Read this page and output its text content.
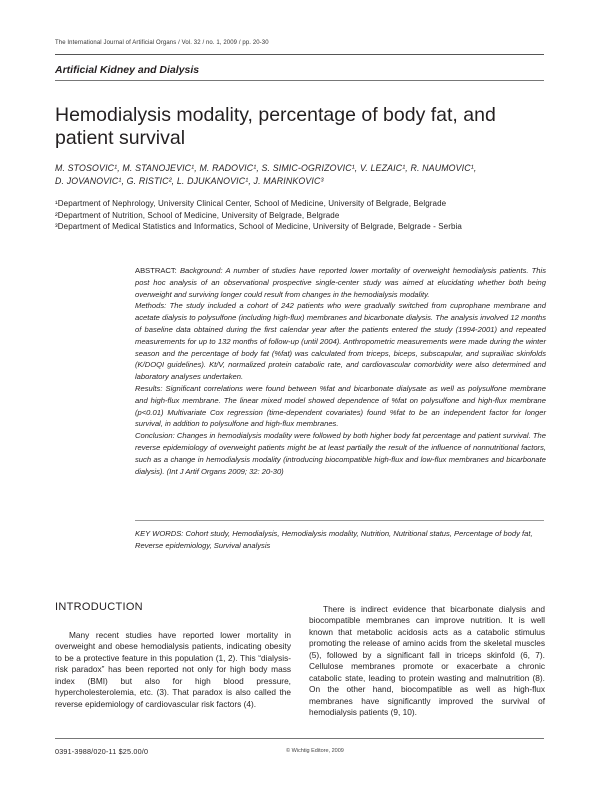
The International Journal of Artificial Organs / Vol. 32 / no. 1, 2009 / pp. 20-30
Artificial Kidney and Dialysis
Hemodialysis modality, percentage of body fat, and patient survival
M. STOSOVIC¹, M. STANOJEVIC¹, M. RADOVIC¹, S. SIMIC-OGRIZOVIC¹, V. LEZAIC¹, R. NAUMOVIC¹,
D. JOVANOVIC¹, G. RISTIC², L. DJUKANOVIC¹, J. MARINKOVIC³
¹Department of Nephrology, University Clinical Center, School of Medicine, University of Belgrade, Belgrade
²Department of Nutrition, School of Medicine, University of Belgrade, Belgrade
³Department of Medical Statistics and Informatics, School of Medicine, University of Belgrade, Belgrade - Serbia

ABSTRACT: Background: A number of studies have reported lower mortality of overweight hemodialysis patients. This post hoc analysis of an observational prospective single-center study was aimed at elucidating whether both being overweight and surviving longer could result from changes in the hemodialysis modality.

Methods: The study included a cohort of 242 patients who were gradually switched from cuprophane membrane and acetate dialysis to polysulfone (including high-flux) membranes and bicarbonate dialysis. The analysis involved 12 months of baseline data obtained during the first calendar year after the patients entered the study (1994-2001) and repeated measurements for up to 132 months of follow-up (until 2004). Anthropometric measurements were made during the winter season and the percentage of body fat (%fat) was calculated from triceps, biceps, subscapular, and suprailiac skinfolds (K/DOQI guidelines). Kt/V, normalized protein catabolic rate, and cardiovascular comorbidity were also determined and laboratory analyses undertaken.

Results: Significant correlations were found between %fat and bicarbonate dialysate as well as polysulfone membrane and high-flux membrane. The linear mixed model showed dependence of %fat on polysulfone and high-flux membrane (p<0.01) Multivariate Cox regression (time-dependent covariates) found %fat to be an independent factor for longer survival, in addition to polysulfone and high-flux membranes.

Conclusion: Changes in hemodialysis modality were followed by both higher body fat percentage and patient survival. The reverse epidemiology of overweight patients might be at least partially the result of the influence of nonnutritional factors, such as a change in hemodialysis modality (introducing biocompatible high-flux and low-flux membranes and bicarbonate dialysis). (Int J Artif Organs 2009; 32: 20-30)

KEY WORDS: Cohort study, Hemodialysis, Hemodialysis modality, Nutrition, Nutritional status, Percentage of body fat, Reverse epidemiology, Survival analysis
INTRODUCTION
Many recent studies have reported lower mortality in overweight and obese hemodialysis patients, indicating obesity to be a protective feature in this population (1, 2). This “dialysis-risk paradox” has been reported not only for high body mass index (BMI) but also for high blood pressure, hypercholesterolemia, etc. (3). That paradox is also called the reverse epidemiology of cardiovascular risk factors (4).
There is indirect evidence that bicarbonate dialysis and biocompatible membranes can improve nutrition. It is well known that metabolic acidosis acts as a catabolic stimulus promoting the release of amino acids from the skeletal muscles (5), followed by a significant fall in triceps skinfold (6, 7). Cellulose membranes promote or exacerbate a chronic catabolic state, leading to protein wasting and malnutrition (8). On the other hand, biocompatible as well as high-flux membranes have significantly improved the survival of hemodialysis patients (9, 10).
0391-3988/020-11 $25.00/0	© Wichtig Editore, 2009
